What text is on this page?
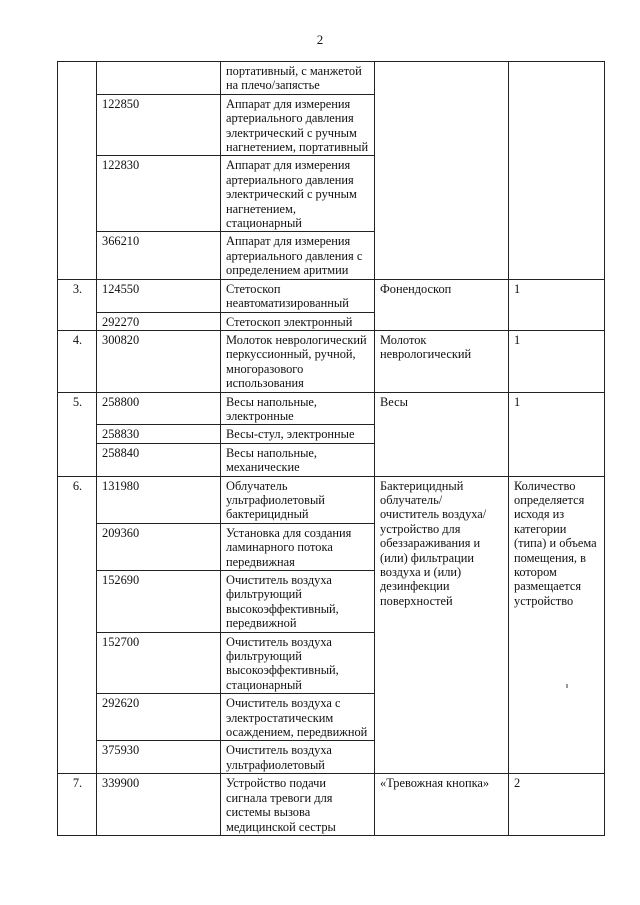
2
		портативный, с манжетой на плечо/запястье		
	122850	Аппарат для измерения артериального давления электрический с ручным нагнетением, портативный		
	122830	Аппарат для измерения артериального давления электрический с ручным нагнетением, стационарный		
	366210	Аппарат для измерения артериального давления с определением аритмии		
3.	124550	Стетоскоп неавтоматизированный	Фонендоскоп	1
	292270	Стетоскоп электронный		
4.	300820	Молоток неврологический перкуссионный, ручной, многоразового использования	Молоток неврологический	1
5.	258800	Весы напольные, электронные	Весы	1
	258830	Весы-стул, электронные		
	258840	Весы напольные, механические		
6.	131980	Облучатель ультрафиолетовый бактерицидный	Бактерицидный облучатель/ очиститель воздуха/ устройство для обеззараживания и (или) фильтрации воздуха и (или) дезинфекции поверхностей	Количество определяется исходя из категории (типа) и объема помещения, в котором размещается устройство
	209360	Установка для создания ламинарного потока передвижная		
	152690	Очиститель воздуха фильтрующий высокоэффективный, передвижной		
	152700	Очиститель воздуха фильтрующий высокоэффективный, стационарный		
	292620	Очиститель воздуха с электростатическим осаждением, передвижной		
	375930	Очиститель воздуха ультрафиолетовый		
7.	339900	Устройство подачи сигнала тревоги для системы вызова медицинской сестры	«Тревожная кнопка»	2
